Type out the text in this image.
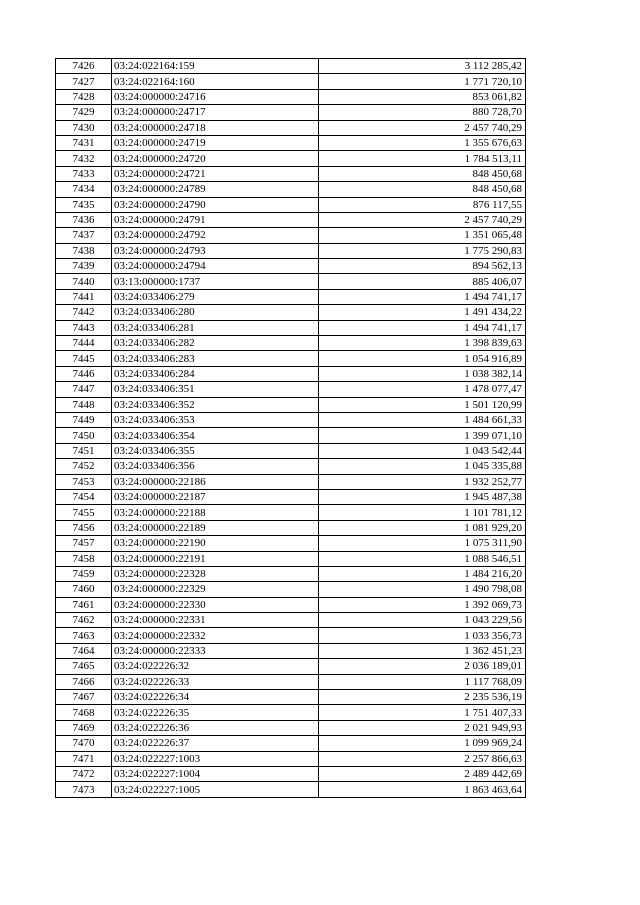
7426	03:24:022164:159	3 112 285,42
7427	03:24:022164:160	1 771 720,10
7428	03:24:000000:24716	853 061,82
7429	03:24:000000:24717	880 728,70
7430	03:24:000000:24718	2 457 740,29
7431	03:24:000000:24719	1 355 676,63
7432	03:24:000000:24720	1 784 513,11
7433	03:24:000000:24721	848 450,68
7434	03:24:000000:24789	848 450,68
7435	03:24:000000:24790	876 117,55
7436	03:24:000000:24791	2 457 740,29
7437	03:24:000000:24792	1 351 065,48
7438	03:24:000000:24793	1 775 290,83
7439	03:24:000000:24794	894 562,13
7440	03:13:000000:1737	885 406,07
7441	03:24:033406:279	1 494 741,17
7442	03:24:033406:280	1 491 434,22
7443	03:24:033406:281	1 494 741,17
7444	03:24:033406:282	1 398 839,63
7445	03:24:033406:283	1 054 916,89
7446	03:24:033406:284	1 038 382,14
7447	03:24:033406:351	1 478 077,47
7448	03:24:033406:352	1 501 120,99
7449	03:24:033406:353	1 484 661,33
7450	03:24:033406:354	1 399 071,10
7451	03:24:033406:355	1 043 542,44
7452	03:24:033406:356	1 045 335,88
7453	03:24:000000:22186	1 932 252,77
7454	03:24:000000:22187	1 945 487,38
7455	03:24:000000:22188	1 101 781,12
7456	03:24:000000:22189	1 081 929,20
7457	03:24:000000:22190	1 075 311,90
7458	03:24:000000:22191	1 088 546,51
7459	03:24:000000:22328	1 484 216,20
7460	03:24:000000:22329	1 490 798,08
7461	03:24:000000:22330	1 392 069,73
7462	03:24:000000:22331	1 043 229,56
7463	03:24:000000:22332	1 033 356,73
7464	03:24:000000:22333	1 362 451,23
7465	03:24:022226:32	2 036 189,01
7466	03:24:022226:33	1 117 768,09
7467	03:24:022226:34	2 235 536,19
7468	03:24:022226:35	1 751 407,33
7469	03:24:022226:36	2 021 949,93
7470	03:24:022226:37	1 099 969,24
7471	03:24:022227:1003	2 257 866,63
7472	03:24:022227:1004	2 489 442,69
7473	03:24:022227:1005	1 863 463,64
